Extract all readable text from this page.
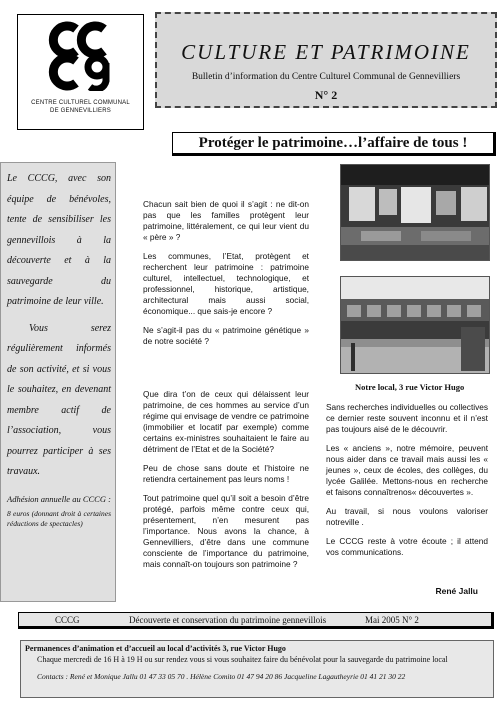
CENTRE CULTUREL COMMUNAL
DE GENNEVILLIERS
CULTURE ET PATRIMOINE
Bulletin d’information du Centre Culturel Communal de Gennevilliers
N° 2
Protéger le patrimoine…l’affaire de tous !

Le CCCG, avec son équipe de bénévoles, tente de sensibiliser les gennevillois à la découverte et à la sauvegarde du patrimoine de leur ville.

Vous serez régulièrement informés de son activité, et si vous le souhaitez, en devenant membre actif de l’association, vous pourrez participer à ses travaux.

Adhésion annuelle au CCCG :

8 euros (donnant droit à certaines réductions de spectacles)

Chacun sait bien de quoi il s’agit : ne dit-on pas que les familles protègent leur patrimoine, littéralement, ce qui leur vient du « père » ?

Les communes, l’Etat, protègent et recherchent leur patrimoine : patrimoine culturel, intellectuel, technologique, et professionnel, historique, artistique, architectural mais aussi social, économique... que sais-je encore ?

Ne s’agit-il pas du « patrimoine génétique » de notre société ?

Que dira t’on de ceux qui délaissent leur patrimoine, de ces hommes au service d’un régime qui envisage de vendre ce patrimoine (immobilier et locatif par exemple) comme certains ex-ministres souhaitaient le faire au détriment de l’Etat et de la Société?

Peu de chose sans doute et l’histoire ne retiendra certainement pas leurs noms !

Tout patrimoine quel qu’il soit a besoin d’être protégé, parfois même contre ceux qui, présentement, n’en mesurent pas l’importance. Nous avons la chance, à Gennevilliers, d’être dans une commune consciente de l’importance du patrimoine, mais connaît-on toujours son patrimoine ?

Notre local, 3 rue Victor Hugo

Sans recherches individuelles ou collectives ce dernier reste souvent inconnu et il n’est pas toujours aisé de le découvrir.

Les « anciens », notre mémoire, peuvent nous aider dans ce travail mais aussi les « jeunes », ceux de écoles, des collèges, du lycée Galilée. Mettons-nous en recherche et faisons connaîtrenos« découvertes ».

Au travail, si nous voulons valoriser notreville .

Le CCCG reste à votre écoute ; il attend vos communications.

René Jallu
CCCG	Découverte et conservation du patrimoine gennevillois	Mai 2005 N° 2
Permanences d’animation et d’accueil au local d’activités 3, rue Victor Hugo
Chaque mercredi de 16 H à 19 H ou sur rendez vous si vous souhaitez faire du bénévolat pour la sauvegarde du patrimoine local
Contacts : René et Monique Jallu 01 47 33 05 70 . Hélène Comito 01 47 94 20 86 Jacqueline Lagautheyrie 01 41 21 30 22
